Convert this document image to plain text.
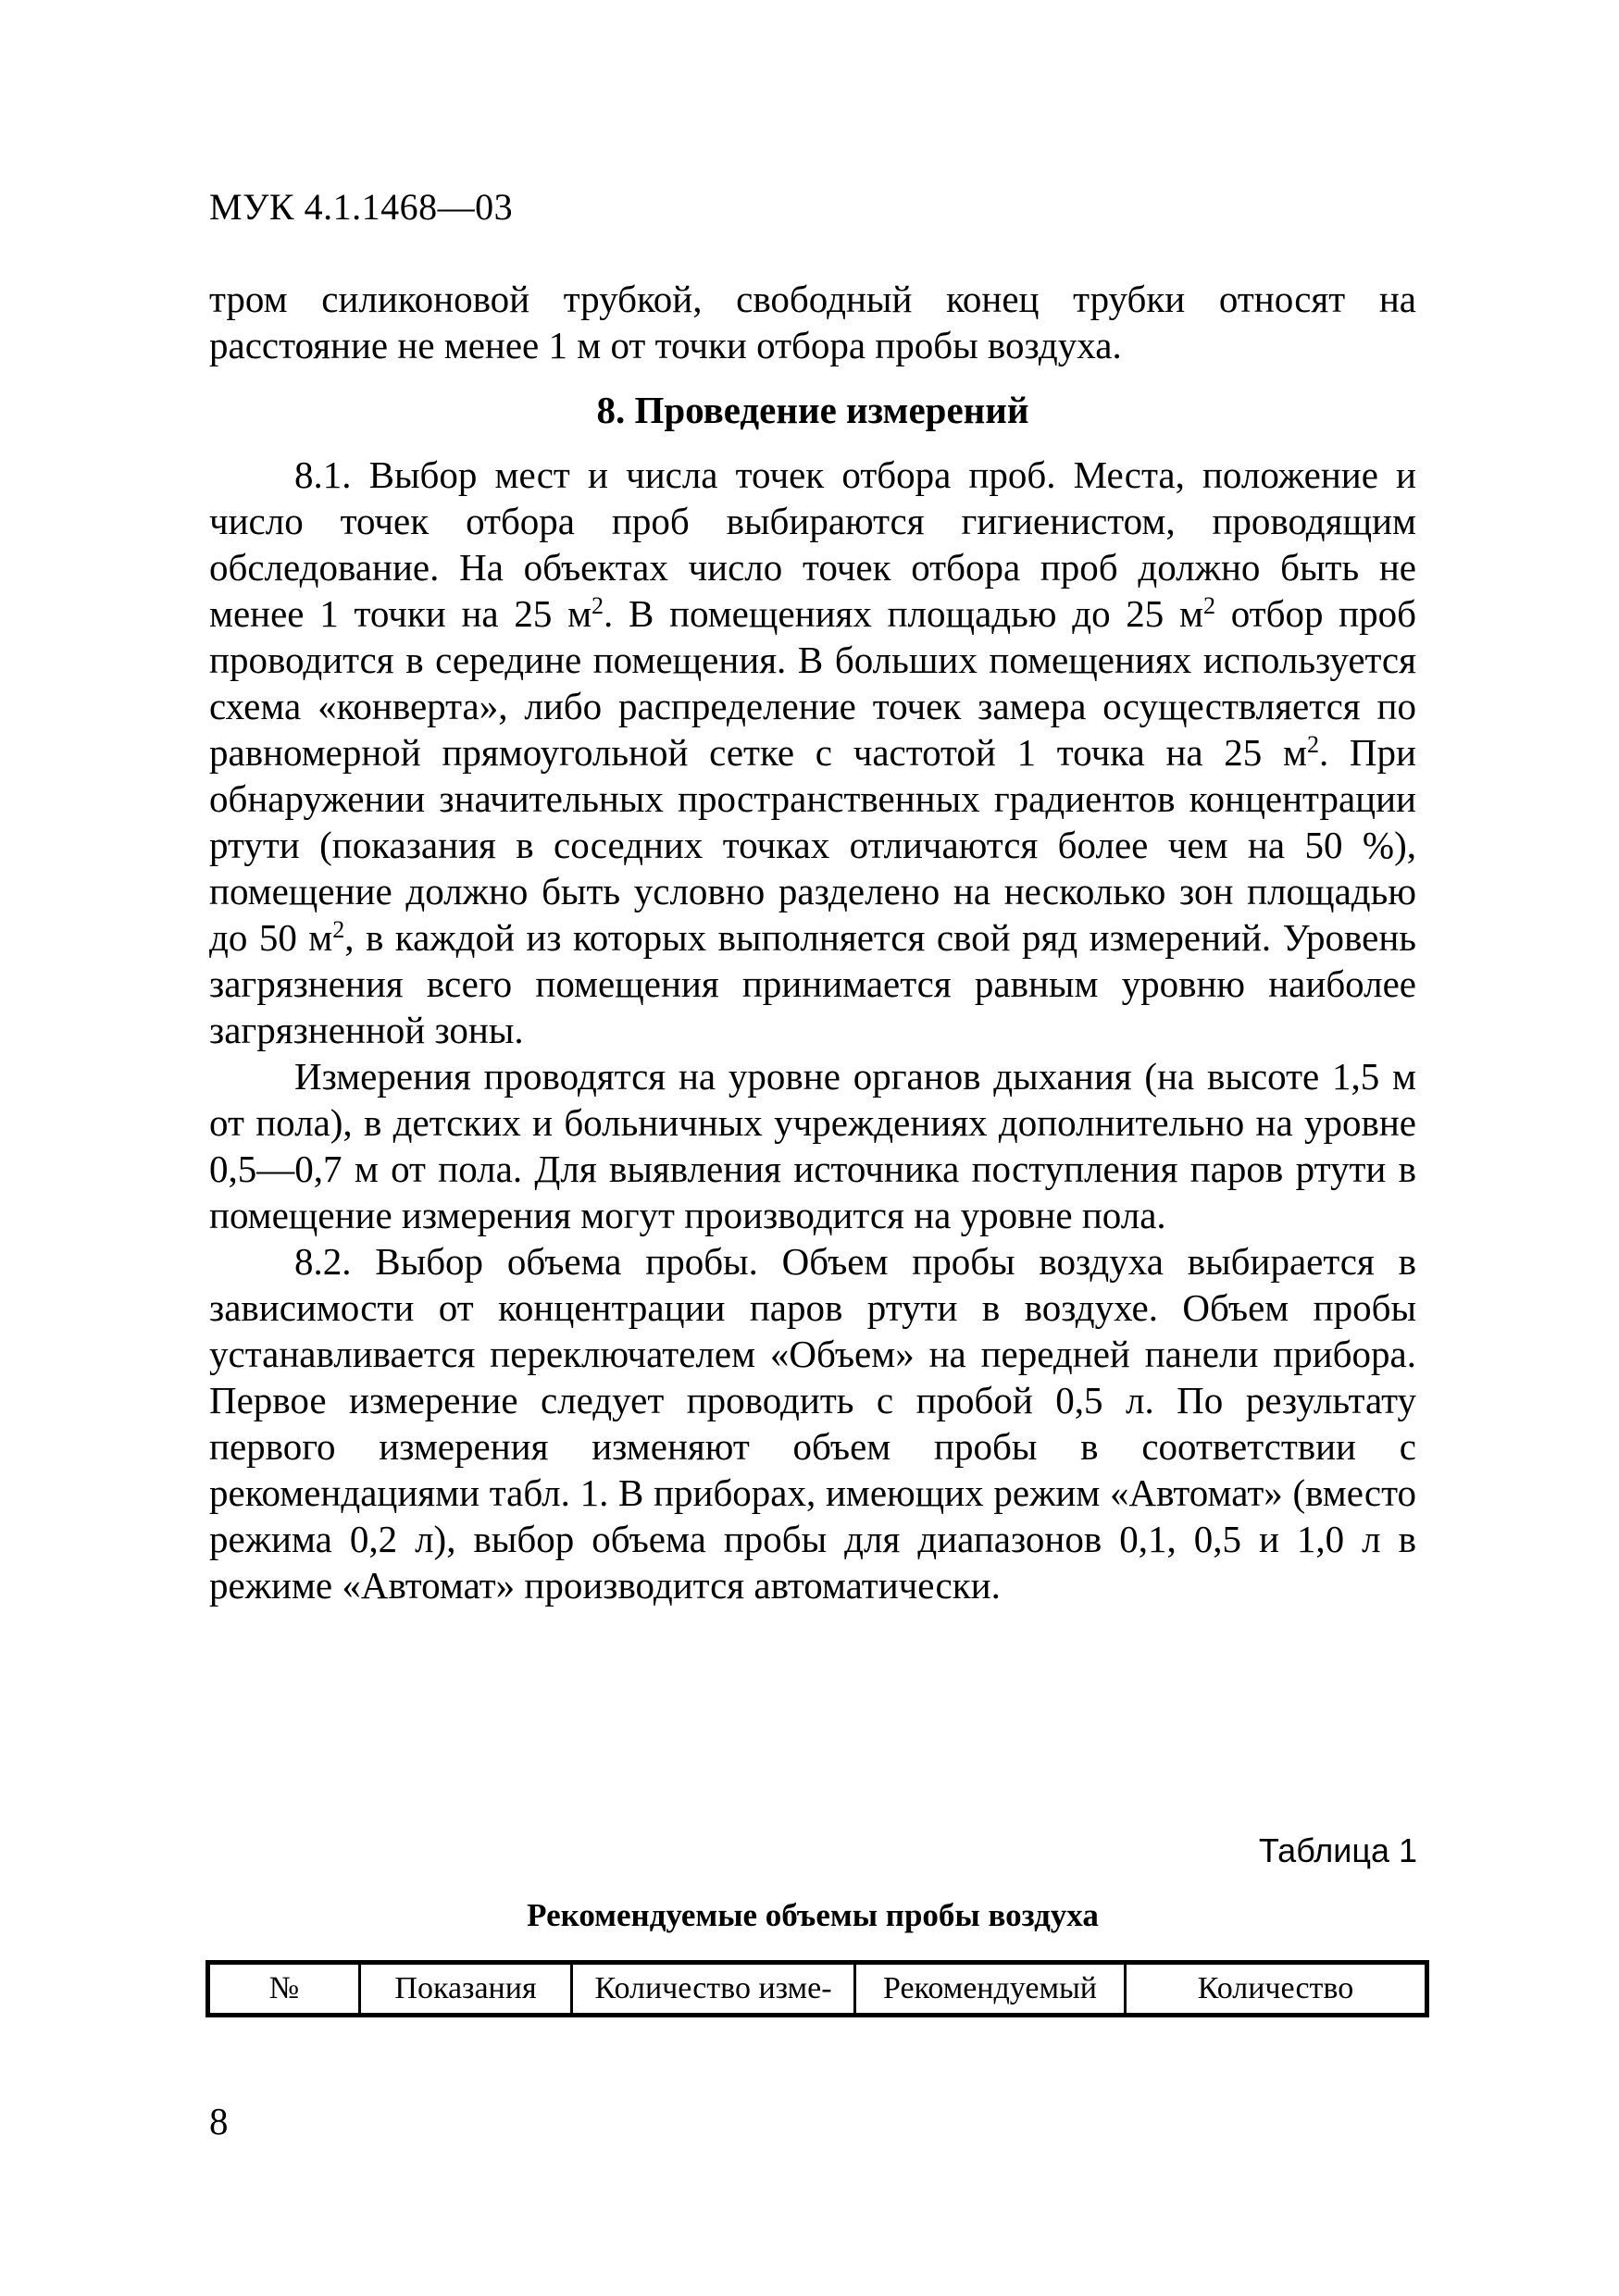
МУК 4.1.1468—03

тром силиконовой трубкой, свободный конец трубки относят на расстояние не менее 1 м от точки отбора пробы воздуха.

8. Проведение измерений

8.1. Выбор мест и числа точек отбора проб. Места, положение и число точек отбора проб выбираются гигиенистом, проводящим обследование. На объектах число точек отбора проб должно быть не менее 1 точки на 25 $м^2$. В помещениях площадью до 25 $м^2$ отбор проб проводится в середине помещения. В больших помещениях используется схема «конверта», либо распределение точек замера осуществляется по равномерной прямоугольной сетке с частотой 1 точка на 25 $м^2$. При обнаружении значительных пространственных градиентов концентрации ртути (показания в соседних точках отличаются более чем на 50 %), помещение должно быть условно разделено на несколько зон площадью до 50 $м^2$, в каждой из которых выполняется свой ряд измерений. Уровень загрязнения всего помещения принимается равным уровню наиболее загрязненной зоны.

Измерения проводятся на уровне органов дыхания (на высоте 1,5 м от пола), в детских и больничных учреждениях дополнительно на уровне 0,5—0,7 м от пола. Для выявления источника поступления паров ртути в помещение измерения могут производится на уровне пола.

8.2. Выбор объема пробы. Объем пробы воздуха выбирается в зависимости от концентрации паров ртути в воздухе. Объем пробы устанавливается переключателем «Объем» на передней панели прибора. Первое измерение следует проводить с пробой 0,5 л. По результату первого измерения изменяют объем пробы в соответствии с рекомендациями табл. 1. В приборах, имеющих режим «Автомат» (вместо режима 0,2 л), выбор объема пробы для диапазонов 0,1, 0,5 и 1,0 л в режиме «Автомат» производится автоматически.

Таблица 1
Рекомендуемые объемы пробы воздуха
№	Показания	Количество изме-	Рекомендуемый	Количество
8
